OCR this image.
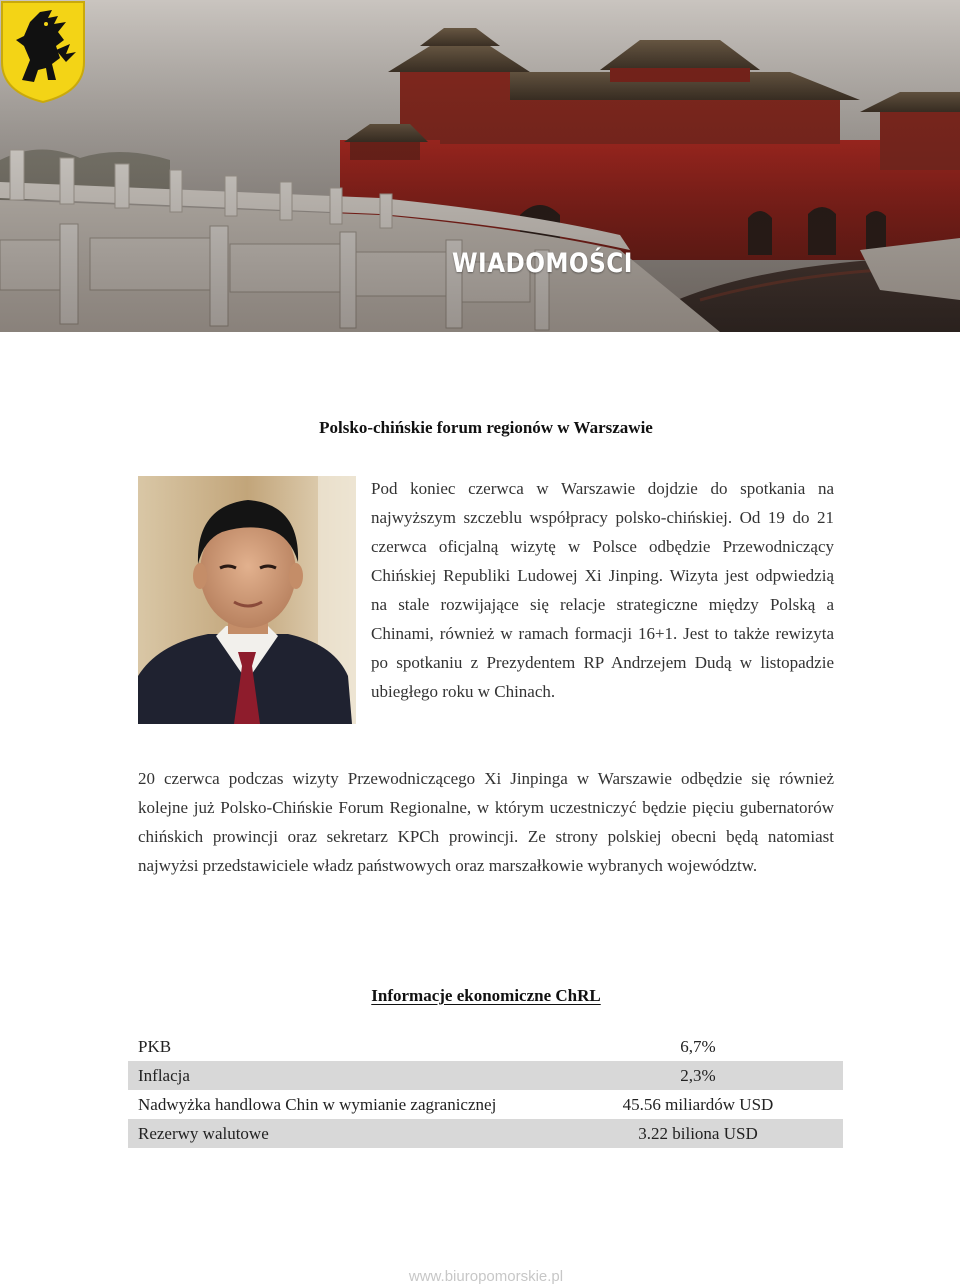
WIADOMOŚCI
Polsko-chińskie forum regionów w Warszawie

Pod koniec czerwca w Warszawie dojdzie do spotkania na najwyższym szczeblu współpracy polsko-chińskiej. Od 19 do 21 czerwca oficjalną wizytę w Polsce odbędzie Przewodniczący Chińskiej Republiki Ludowej Xi Jinping. Wizyta jest odpwiedzią na stale rozwijające się relacje strategiczne między Polską a Chinami, również w ramach formacji 16+1. Jest to także rewizyta po spotkaniu z Prezydentem RP Andrzejem Dudą w listopadzie ubiegłego roku w Chinach.

20 czerwca podczas wizyty Przewodniczącego Xi Jinpinga w Warszawie odbędzie się również kolejne już Polsko-Chińskie Forum Regionalne, w którym uczestniczyć będzie pięciu gubernatorów chińskich prowincji oraz sekretarz KPCh prowincji. Ze strony polskiej obecni będą natomiast najwyżsi przedstawiciele władz państwowych oraz marszałkowie wybranych województw.

Informacje ekonomiczne ChRL
PKB	6,7%
Inflacja	2,3%
Nadwyżka handlowa Chin w wymianie zagranicznej	45.56 miliardów USD
Rezerwy walutowe	3.22 biliona USD
www.biuropomorskie.pl
